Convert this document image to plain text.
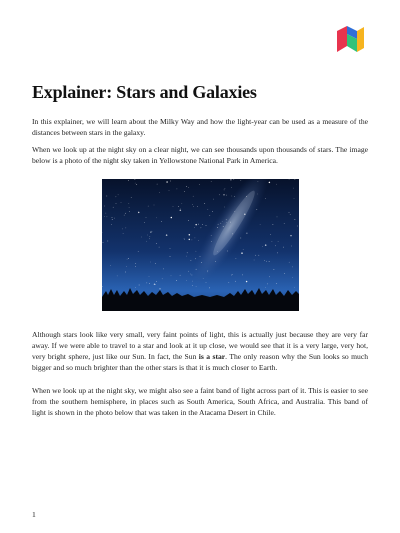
Explainer: Stars and Galaxies

In this explainer, we will learn about the Milky Way and how the light-year can be used as a measure of the distances between stars in the galaxy.

When we look up at the night sky on a clear night, we can see thousands upon thousands of stars. The image below is a photo of the night sky taken in Yellowstone National Park in America.

Although stars look like very small, very faint points of light, this is actually just because they are very far away. If we were able to travel to a star and look at it up close, we would see that it is a very large, very hot, very bright sphere, just like our Sun. In fact, the Sun is a star. The only reason why the Sun looks so much bigger and so much brighter than the other stars is that it is much closer to Earth.

When we look up at the night sky, we might also see a faint band of light across part of it. This is easier to see from the southern hemisphere, in places such as South America, South Africa, and Australia. This band of light is shown in the photo below that was taken in the Atacama Desert in Chile.

1
